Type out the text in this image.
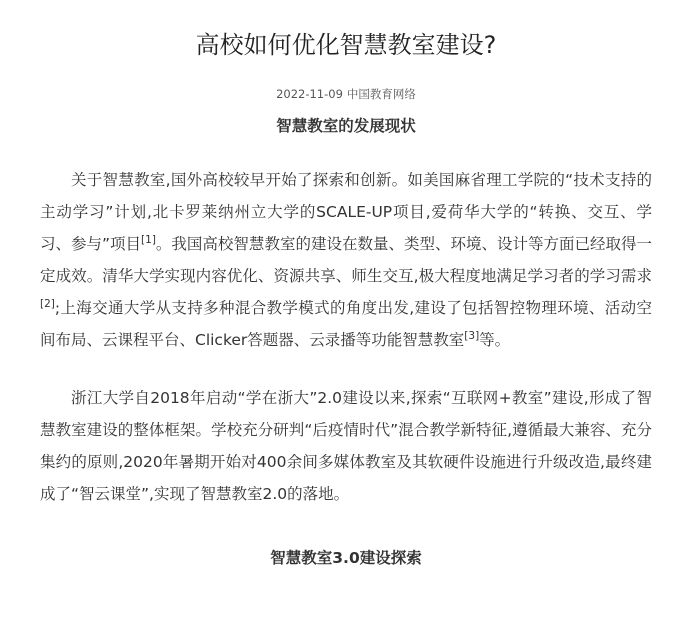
高校如何优化智慧教室建设?
2022-11-09 中国教育网络
智慧教室的发展现状

关于智慧教室,国外高校较早开始了探索和创新。如美国麻省理工学院的“技术支持的主动学习”计划,北卡罗莱纳州立大学的SCALE-UP项目,爱荷华大学的“转换、交互、学习、参与”项目[1]。我国高校智慧教室的建设在数量、类型、环境、设计等方面已经取得一定成效。清华大学实现内容优化、资源共享、师生交互,极大程度地满足学习者的学习需求[2];上海交通大学从支持多种混合教学模式的角度出发,建设了包括智控物理环境、活动空间布局、云课程平台、Clicker答题器、云录播等功能智慧教室[3]等。

浙江大学自2018年启动“学在浙大”2.0建设以来,探索“互联网+教室”建设,形成了智慧教室建设的整体框架。学校充分研判“后疫情时代”混合教学新特征,遵循最大兼容、充分集约的原则,2020年暑期开始对400余间多媒体教室及其软硬件设施进行升级改造,最终建成了“智云课堂”,实现了智慧教室2.0的落地。

智慧教室3.0建设探索
